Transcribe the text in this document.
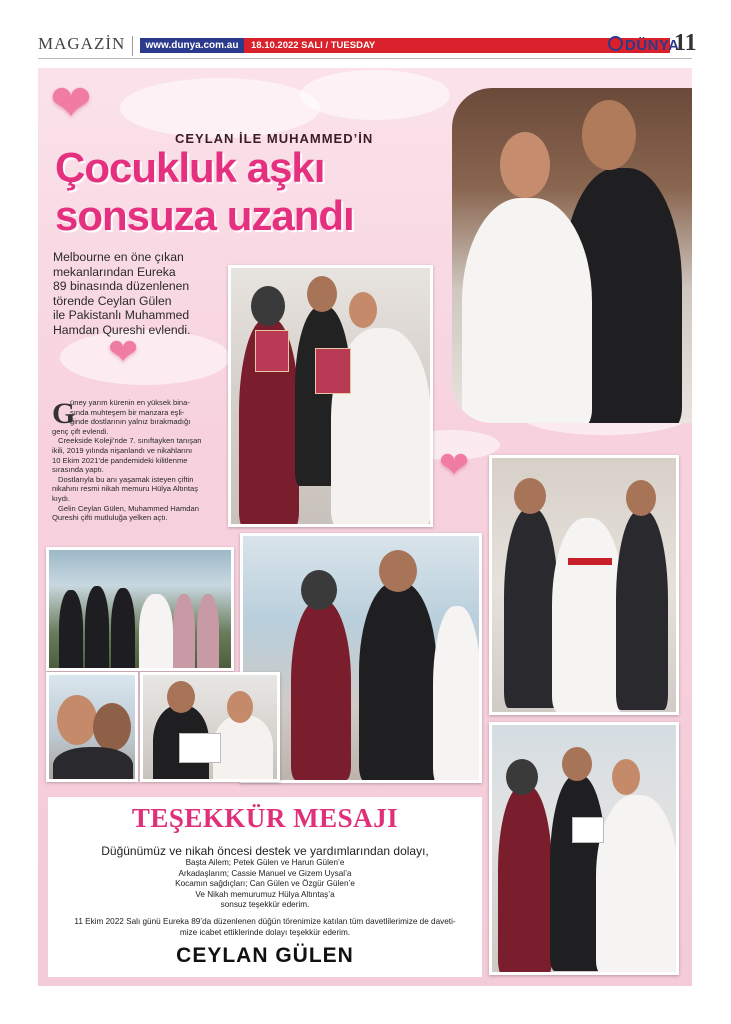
MAGAZİN	www.dunya.com.au	18.10.2022 SALI / TUESDAY	DÜNYA
11
❤
❤
❤
CEYLAN İLE MUHAMMED’İN
Çocukluk aşkı
sonsuza uzandı
Melbourne en öne çıkan
mekanlarından Eureka
89 binasında düzenlenen
törende Ceylan Gülen
ile Pakistanlı Muhammed
Hamdan Qureshi evlendi.
G
üney yarım kürenin en yüksek bina-
sında muhteşem bir manzara eşli-
ğinde dostlarının yalnız bırakmadığı
genç çift evlendi.
Creekside Koleji’nde 7. sınıftayken tanışan
ikili, 2019 yılında nişanlandı ve nikahlarını
10 Ekim 2021’de pandemideki kilitlenme
sırasında yaptı.
Dostlarıyla bu anı yaşamak isteyen çiftin
nikahını resmi nikah memuru Hülya Altıntaş
kıydı.
Gelin Ceylan Gülen, Muhammed Hamdan
Qureshi çifti mutluluğa yelken açtı.
TEŞEKKÜR MESAJI
Düğünümüz ve nikah öncesi destek ve yardımlarından dolayı,
Başta Ailem; Petek Gülen ve Harun Gülen’e
Arkadaşlarım; Cassie Manuel ve Gizem Uysal’a
Kocamın sağdıçları; Can Gülen ve Özgür Gülen’e
Ve Nikah memurumuz Hülya Altıntaş’a
sonsuz teşekkür ederim.
11 Ekim 2022 Salı günü Eureka 89’da düzenlenen düğün törenimize katılan tüm davetlilerimize de daveti-
mize icabet ettiklerinde dolayı teşekkür ederim.
CEYLAN GÜLEN
